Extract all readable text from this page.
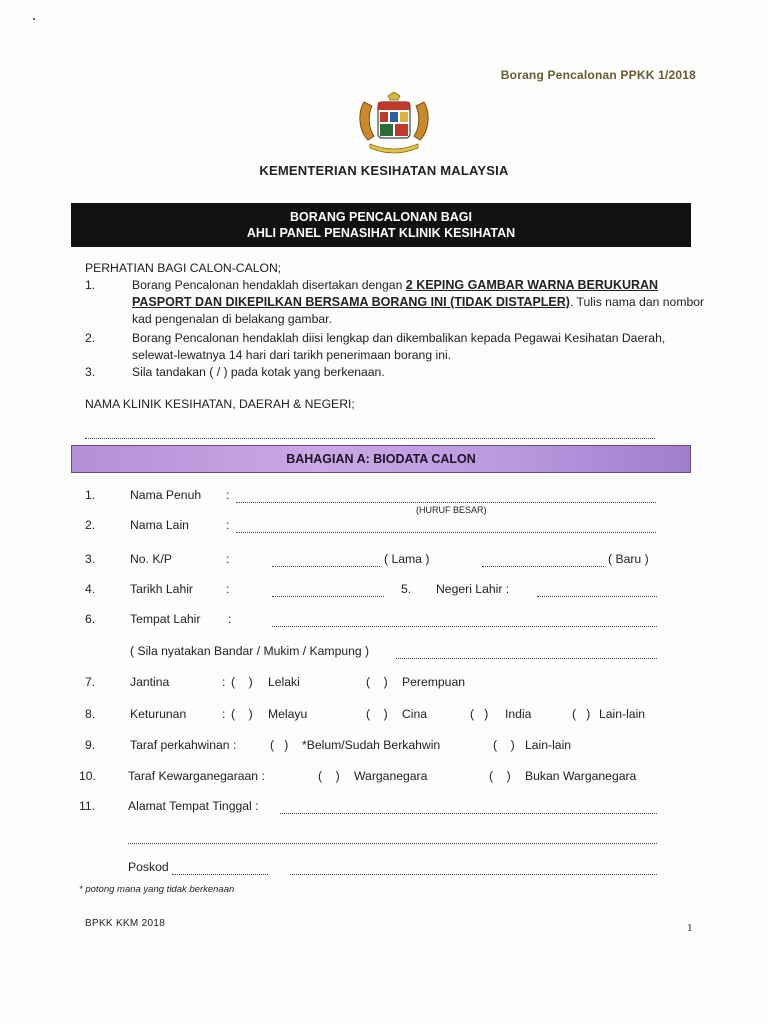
Borang Pencalonan PPKK 1/2018
KEMENTERIAN KESIHATAN MALAYSIA
BORANG PENCALONAN BAGI
AHLI PANEL PENASIHAT KLINIK KESIHATAN
PERHATIAN BAGI CALON-CALON;
1.	Borang Pencalonan hendaklah disertakan dengan 2 KEPING GAMBAR WARNA BERUKURAN PASPORT DAN DIKEPILKAN BERSAMA BORANG INI (TIDAK DISTAPLER). Tulis nama dan nombor kad pengenalan di belakang gambar.
2.	Borang Pencalonan hendaklah diisi lengkap dan dikembalikan kepada Pegawai Kesihatan Daerah, selewat-lewatnya 14 hari dari tarikh penerimaan borang ini.
3.	Sila tandakan ( / ) pada kotak yang berkenaan.
NAMA KLINIK KESIHATAN, DAERAH & NEGERI;
BAHAGIAN A: BIODATA CALON
1.	Nama Penuh :
(HURUF BESAR)
2.	Nama Lain	:
3.	No. K/P	:	( Lama )	( Baru )
4.	Tarikh Lahir	:	5. Negeri Lahir :
6.	Tempat Lahir :
( Sila nyatakan Bandar / Mukim / Kampung )
7.	Jantina	: (    ) Lelaki	(    ) Perempuan
8.	Keturunan	: (    ) Melayu	(    ) Cina	(   ) India	(   ) Lain-lain
9.	Taraf perkahwinan :	(   ) *Belum/Sudah Berkahwin	(    ) Lain-lain
10.	Taraf Kewarganegaraan :	(    ) Warganegara	(    ) Bukan Warganegara
11.	Alamat Tempat Tinggal :
Poskod
* potong mana yang tidak berkenaan
BPKK KKM 2018	1
